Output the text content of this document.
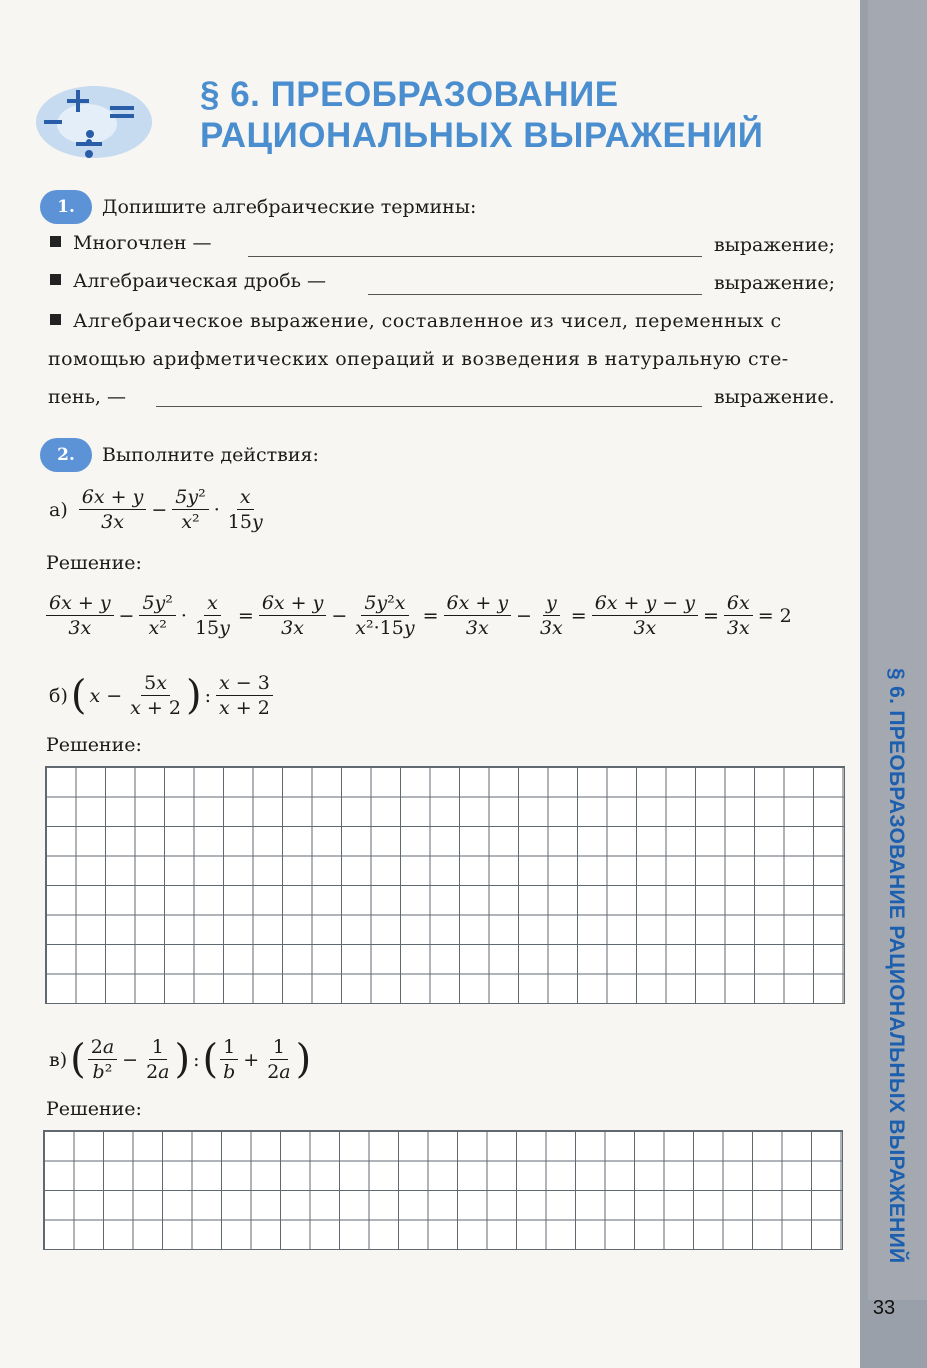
§ 6. ПРЕОБРАЗОВАНИЕ РАЦИОНАЛЬНЫХ ВЫРАЖЕНИЙ
33
§ 6. ПРЕОБРАЗОВАНИЕ
РАЦИОНАЛЬНЫХ ВЫРАЖЕНИЙ
1.	Допишите алгебраические термины:
Многочлен —	выражение;
Алгебраическая дробь —	выражение;
Алгебраическое выражение, составленное из чисел, переменных с
помощью арифметических операций и возведения в натуральную сте-
пень, —	выражение.
2.	Выполните действия:
$а) \frac{6x + y}{3x} - \frac{\text{5y²}}{\text{x²}} \cdot \frac{x}{15y}$
Решение:
$\frac{6x + y}{3x} - \frac{\text{5y²}}{\text{x²}} \cdot \frac{x}{15y} = \frac{6x + y}{3x} - \frac{\text{5y²x}}{\text{x²·15y}} = \frac{6x + y}{3x} - \frac{y}{3x} = \frac{6x + y - y}{3x} = \frac{6x}{3x} = 2$
б)( $x - \frac{5x}{x + 2}$ ) : $\frac{x - 3}{x + 2}$
Решение:
$в)( \frac{2a}{\text{b²}} - \frac{1}{2a}$ ) :( $\frac{1}{b} + \frac{1}{2a}$ )
Решение:
